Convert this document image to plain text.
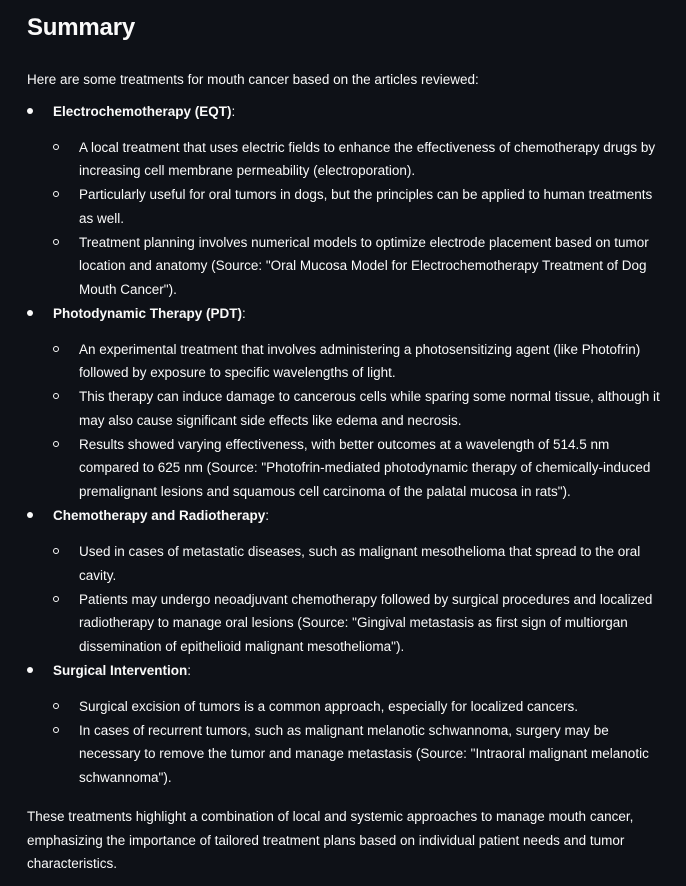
Summary

Here are some treatments for mouth cancer based on the articles reviewed:

Electrochemotherapy (EQT):
A local treatment that uses electric fields to enhance the effectiveness of chemotherapy drugs by increasing cell membrane permeability (electroporation).
Particularly useful for oral tumors in dogs, but the principles can be applied to human treatments as well.
Treatment planning involves numerical models to optimize electrode placement based on tumor location and anatomy (Source: "Oral Mucosa Model for Electrochemotherapy Treatment of Dog Mouth Cancer").
Photodynamic Therapy (PDT):
An experimental treatment that involves administering a photosensitizing agent (like Photofrin) followed by exposure to specific wavelengths of light.
This therapy can induce damage to cancerous cells while sparing some normal tissue, although it may also cause significant side effects like edema and necrosis.
Results showed varying effectiveness, with better outcomes at a wavelength of 514.5 nm compared to 625 nm (Source: "Photofrin-mediated photodynamic therapy of chemically-induced premalignant lesions and squamous cell carcinoma of the palatal mucosa in rats").
Chemotherapy and Radiotherapy:
Used in cases of metastatic diseases, such as malignant mesothelioma that spread to the oral cavity.
Patients may undergo neoadjuvant chemotherapy followed by surgical procedures and localized radiotherapy to manage oral lesions (Source: "Gingival metastasis as first sign of multiorgan dissemination of epithelioid malignant mesothelioma").
Surgical Intervention:
Surgical excision of tumors is a common approach, especially for localized cancers.
In cases of recurrent tumors, such as malignant melanotic schwannoma, surgery may be necessary to remove the tumor and manage metastasis (Source: "Intraoral malignant melanotic schwannoma").

These treatments highlight a combination of local and systemic approaches to manage mouth cancer, emphasizing the importance of tailored treatment plans based on individual patient needs and tumor characteristics.
